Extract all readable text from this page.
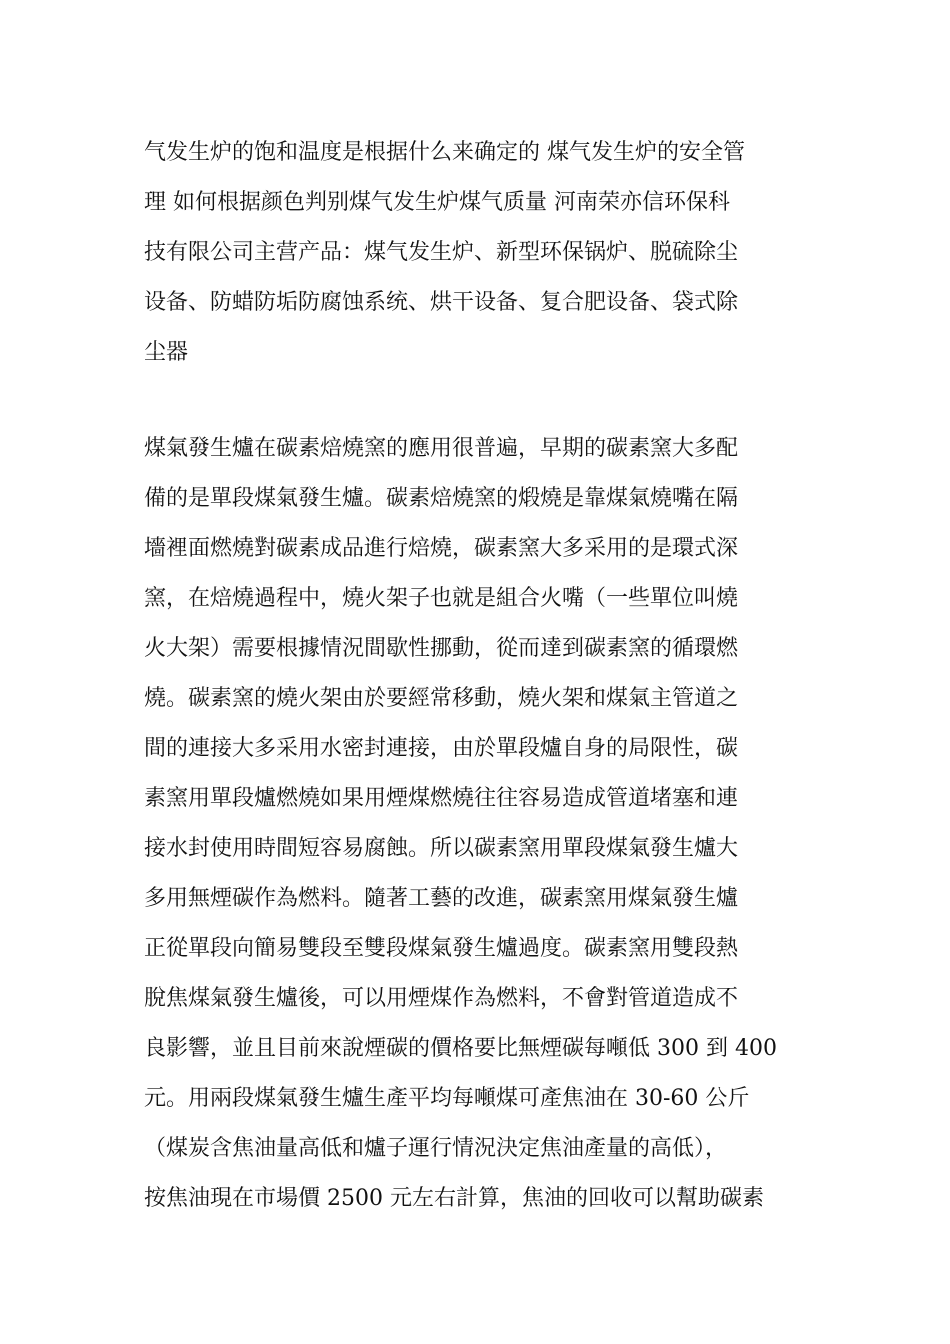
气发生炉的饱和温度是根据什么来确定的 煤气发生炉的安全管
理 如何根据颜色判别煤气发生炉煤气质量 河南荣亦信环保科
技有限公司主营产品：煤气发生炉、新型环保锅炉、脱硫除尘
设备、防蜡防垢防腐蚀系统、烘干设备、复合肥设备、袋式除
尘器
煤氣發生爐在碳素焙燒窯的應用很普遍，早期的碳素窯大多配
備的是單段煤氣發生爐。碳素焙燒窯的煅燒是靠煤氣燒嘴在隔
墻裡面燃燒對碳素成品進行焙燒，碳素窯大多采用的是環式深
窯，在焙燒過程中，燒火架子也就是組合火嘴（一些單位叫燒
火大架）需要根據情況間歇性挪動，從而達到碳素窯的循環燃
燒。碳素窯的燒火架由於要經常移動，燒火架和煤氣主管道之
間的連接大多采用水密封連接，由於單段爐自身的局限性，碳
素窯用單段爐燃燒如果用煙煤燃燒往往容易造成管道堵塞和連
接水封使用時間短容易腐蝕。所以碳素窯用單段煤氣發生爐大
多用無煙碳作為燃料。隨著工藝的改進，碳素窯用煤氣發生爐
正從單段向簡易雙段至雙段煤氣發生爐過度。碳素窯用雙段熱
脫焦煤氣發生爐後，可以用煙煤作為燃料，不會對管道造成不
良影響，並且目前來說煙碳的價格要比無煙碳每噸低 300 到 400
元。用兩段煤氣發生爐生產平均每噸煤可產焦油在 30-60 公斤
（煤炭含焦油量高低和爐子運行情況決定焦油產量的高低），
按焦油現在市場價 2500 元左右計算，焦油的回收可以幫助碳素
